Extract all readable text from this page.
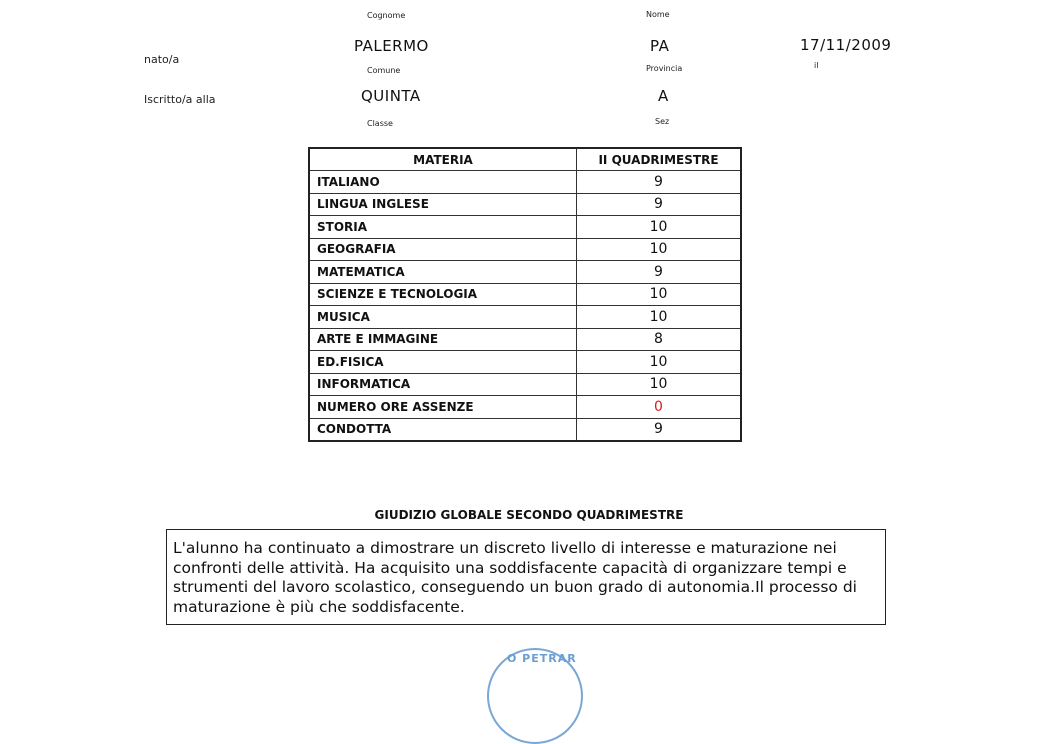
Cognome	Nome
nato/a
PALERMO	PA	17/11/2009
Comune	Provincia	il
Iscritto/a alla	QUINTA	A
Classe	Sez
MATERIA	II QUADRIMESTRE
ITALIANO	9
LINGUA INGLESE	9
STORIA	10
GEOGRAFIA	10
MATEMATICA	9
SCIENZE E TECNOLOGIA	10
MUSICA	10
ARTE E IMMAGINE	8
ED.FISICA	10
INFORMATICA	10
NUMERO ORE ASSENZE	0
CONDOTTA	9
GIUDIZIO GLOBALE SECONDO QUADRIMESTRE
L'alunno ha continuato a dimostrare un discreto livello di interesse e maturazione nei confronti delle attività. Ha acquisito una soddisfacente capacità di organizzare tempi e strumenti del lavoro scolastico, conseguendo un buon grado di autonomia.Il processo di maturazione è più che soddisfacente.
O PETRAR
